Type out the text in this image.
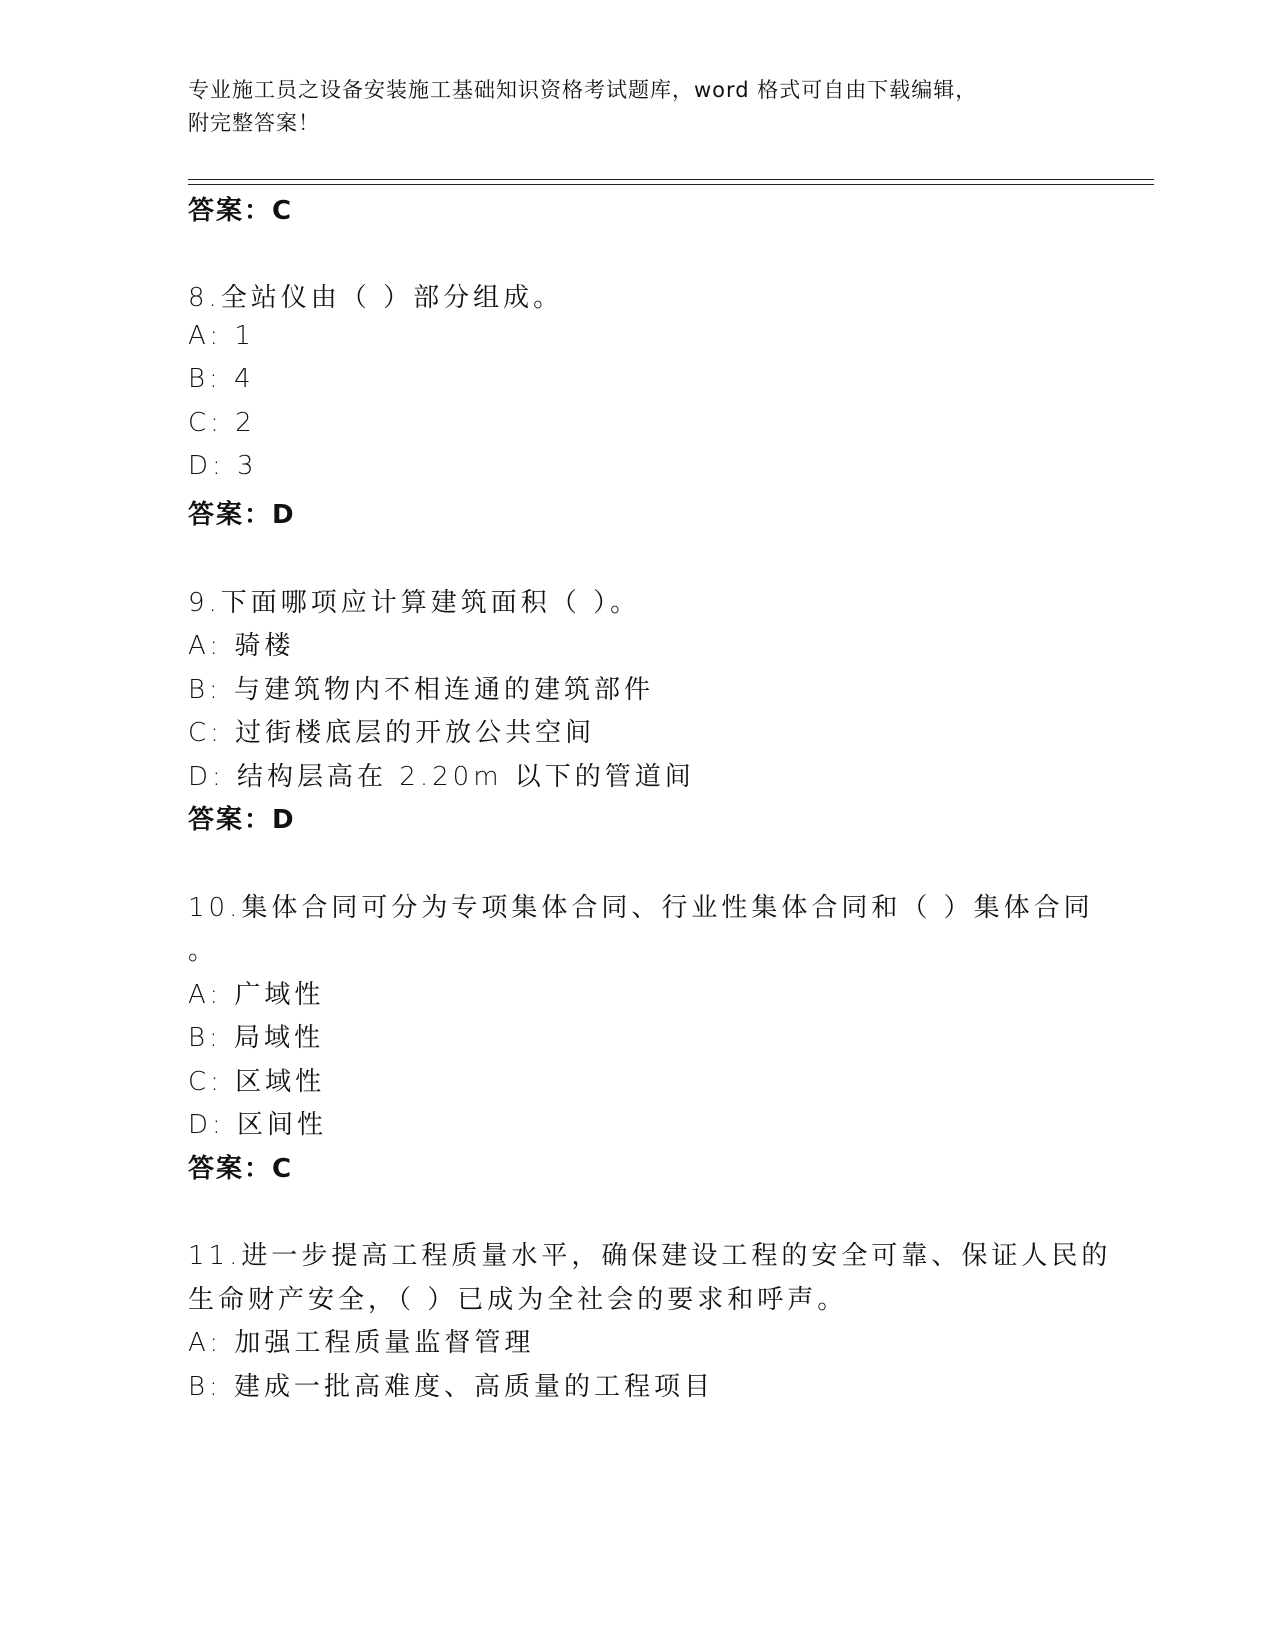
专业施工员之设备安装施工基础知识资格考试题库，word 格式可自由下载编辑，
附完整答案！
答案：C
8.全站仪由（ ）部分组成。
A: 1
B: 4
C: 2
D: 3
答案：D
9.下面哪项应计算建筑面积（ ）。
A: 骑楼
B: 与建筑物内不相连通的建筑部件
C: 过街楼底层的开放公共空间
D: 结构层高在 2.20m 以下的管道间
答案：D
10.集体合同可分为专项集体合同、行业性集体合同和（ ）集体合同
。
A: 广域性
B: 局域性
C: 区域性
D: 区间性
答案：C
11.进一步提高工程质量水平，确保建设工程的安全可靠、保证人民的
生命财产安全，（ ）已成为全社会的要求和呼声。
A: 加强工程质量监督管理
B: 建成一批高难度、高质量的工程项目
